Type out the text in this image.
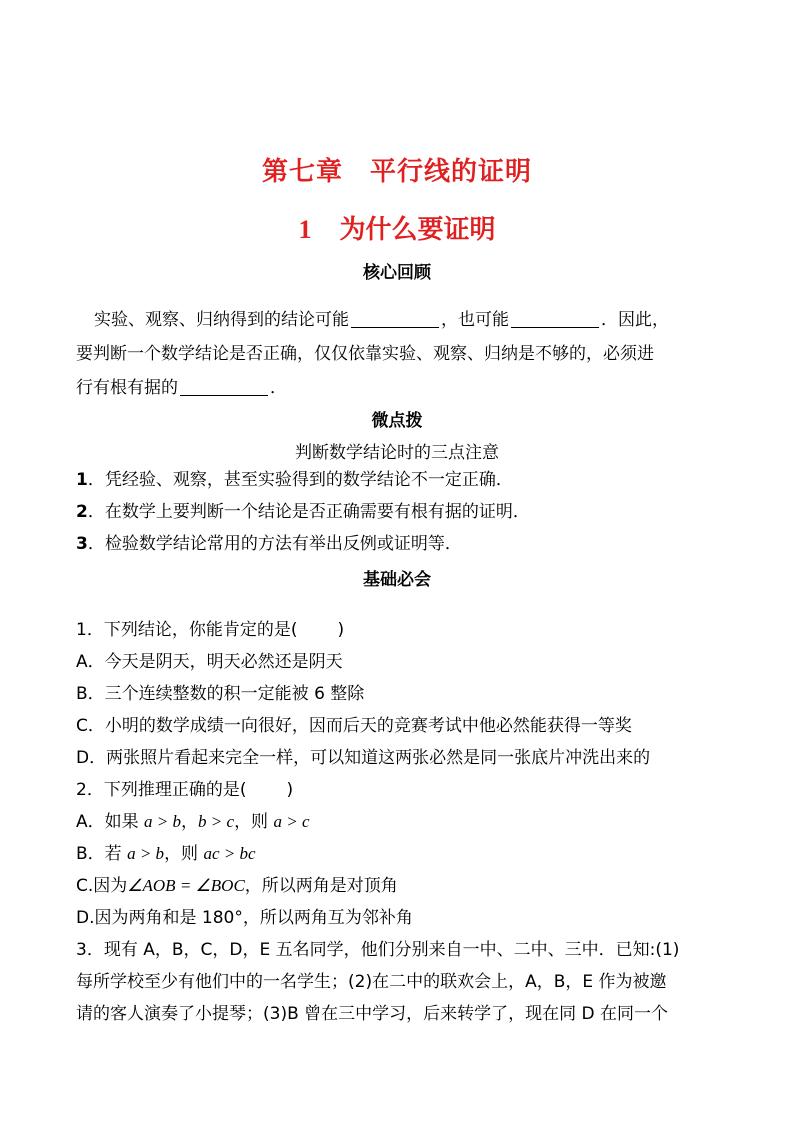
第七章　平行线的证明
1 为什么要证明
核心回顾
实验、观察、归纳得到的结论可能	，也可能	．因此，
要判断一个数学结论是否正确，仅仅依靠实验、观察、归纳是不够的，必须进
行有根有据的	．
微点拨
判断数学结论时的三点注意
1．凭经验、观察，甚至实验得到的数学结论不一定正确．
2．在数学上要判断一个结论是否正确需要有根有据的证明．
3．检验数学结论常用的方法有举出反例或证明等．
基础必会
1．下列结论，你能肯定的是( )
A．今天是阴天，明天必然还是阴天
B．三个连续整数的积一定能被 6 整除
C．小明的数学成绩一向很好，因而后天的竞赛考试中他必然能获得一等奖
D．两张照片看起来完全一样，可以知道这两张必然是同一张底片冲洗出来的
2．下列推理正确的是( )
A．如果 a > b，b > c，则 a > c
B．若 a > b，则 ac > bc
C.因为∠AOB = ∠BOC，所以两角是对顶角
D.因为两角和是 180°，所以两角互为邻补角
3．现有 A，B，C，D，E 五名同学，他们分别来自一中、二中、三中．已知:(1)
每所学校至少有他们中的一名学生；(2)在二中的联欢会上，A，B，E 作为被邀
请的客人演奏了小提琴；(3)B 曾在三中学习，后来转学了，现在同 D 在同一个
